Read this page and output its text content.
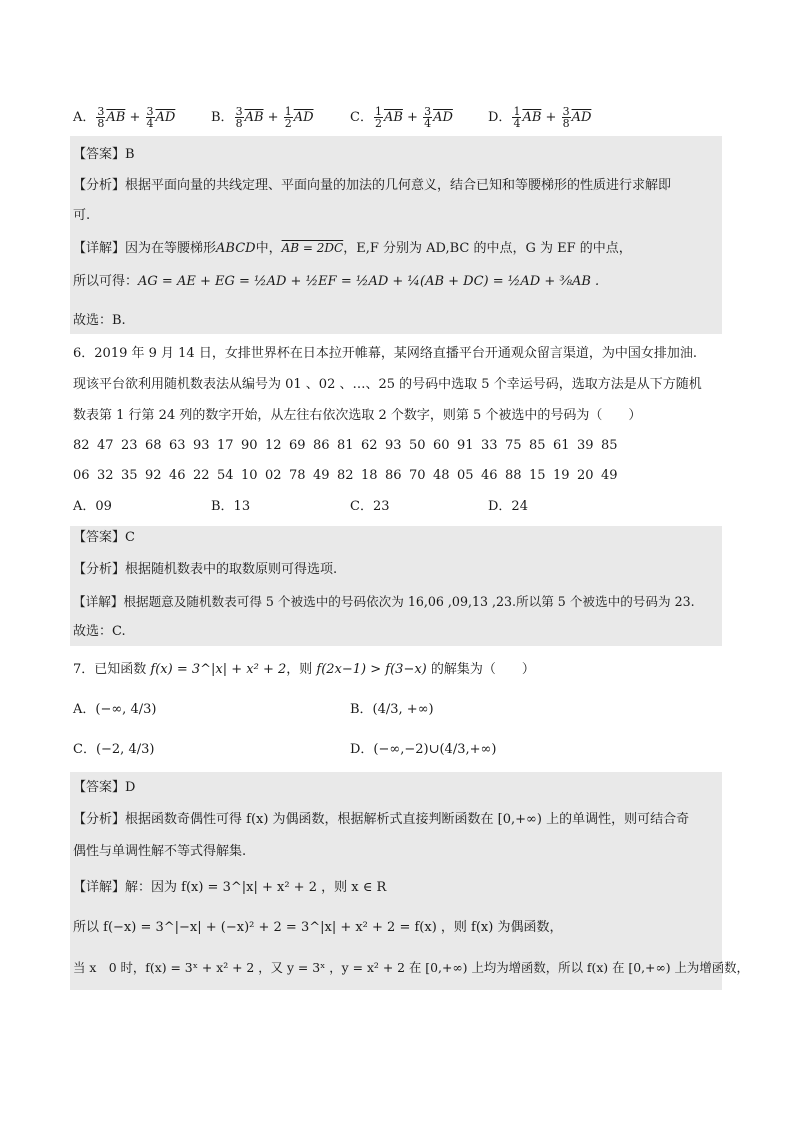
A． $\frac{3}{8} \overline{AB} + \frac{3}{4} \overline{AD}$	B． $\frac{3}{8} \overline{AB} + \frac{1}{2} \overline{AD}$	C． $\frac{1}{2} \overline{AB} + \frac{3}{4} \overline{AD}$	D． $\frac{1}{4} \overline{AB} + \frac{3}{8} \overline{AD}$
【答案】B
【分析】根据平面向量的共线定理、平面向量的加法的几何意义，结合已知和等腰梯形的性质进行求解即
可.
【详解】因为在等腰梯形ABCD中，AB = 2DC，E,F 分别为 AD,BC 的中点，G 为 EF 的中点，
所以可得：AG = AE + EG = ½AD + ½EF = ½AD + ¼(AB + DC) = ½AD + ⅜AB .
故选：B.
6．2019 年 9 月 14 日，女排世界杯在日本拉开帷幕，某网络直播平台开通观众留言渠道，为中国女排加油.
现该平台欲利用随机数表法从编号为 01 、02 、…、25 的号码中选取 5 个幸运号码，选取方法是从下方随机
数表第 1 行第 24 列的数字开始，从左往右依次选取 2 个数字，则第 5 个被选中的号码为（　　）
82 47 23 68 63 93 17 90 12 69 86 81 62 93 50 60 91 33 75 85 61 39 85
06 32 35 92 46 22 54 10 02 78 49 82 18 86 70 48 05 46 88 15 19 20 49
A．09	B．13	C．23	D．24
【答案】C
【分析】根据随机数表中的取数原则可得选项.
【详解】根据题意及随机数表可得 5 个被选中的号码依次为 16,06 ,09,13 ,23.所以第 5 个被选中的号码为 23.
故选：C.
7．已知函数 f(x) = 3^|x| + x² + 2，则 f(2x−1) > f(3−x) 的解集为（　　）
A．(−∞, 4/3)	B．(4/3, +∞)
C．(−2, 4/3)	D．(−∞,−2)∪(4/3,+∞)
【答案】D
【分析】根据函数奇偶性可得 f(x) 为偶函数，根据解析式直接判断函数在 [0,+∞) 上的单调性，则可结合奇
偶性与单调性解不等式得解集.
【详解】解：因为 f(x) = 3^|x| + x² + 2 ，则 x ∈ R
所以 f(−x) = 3^|−x| + (−x)² + 2 = 3^|x| + x² + 2 = f(x) ，则 f(x) 为偶函数，
当 x　0 时，f(x) = 3ˣ + x² + 2 ，又 y = 3ˣ ，y = x² + 2 在 [0,+∞) 上均为增函数，所以 f(x) 在 [0,+∞) 上为增函数，
